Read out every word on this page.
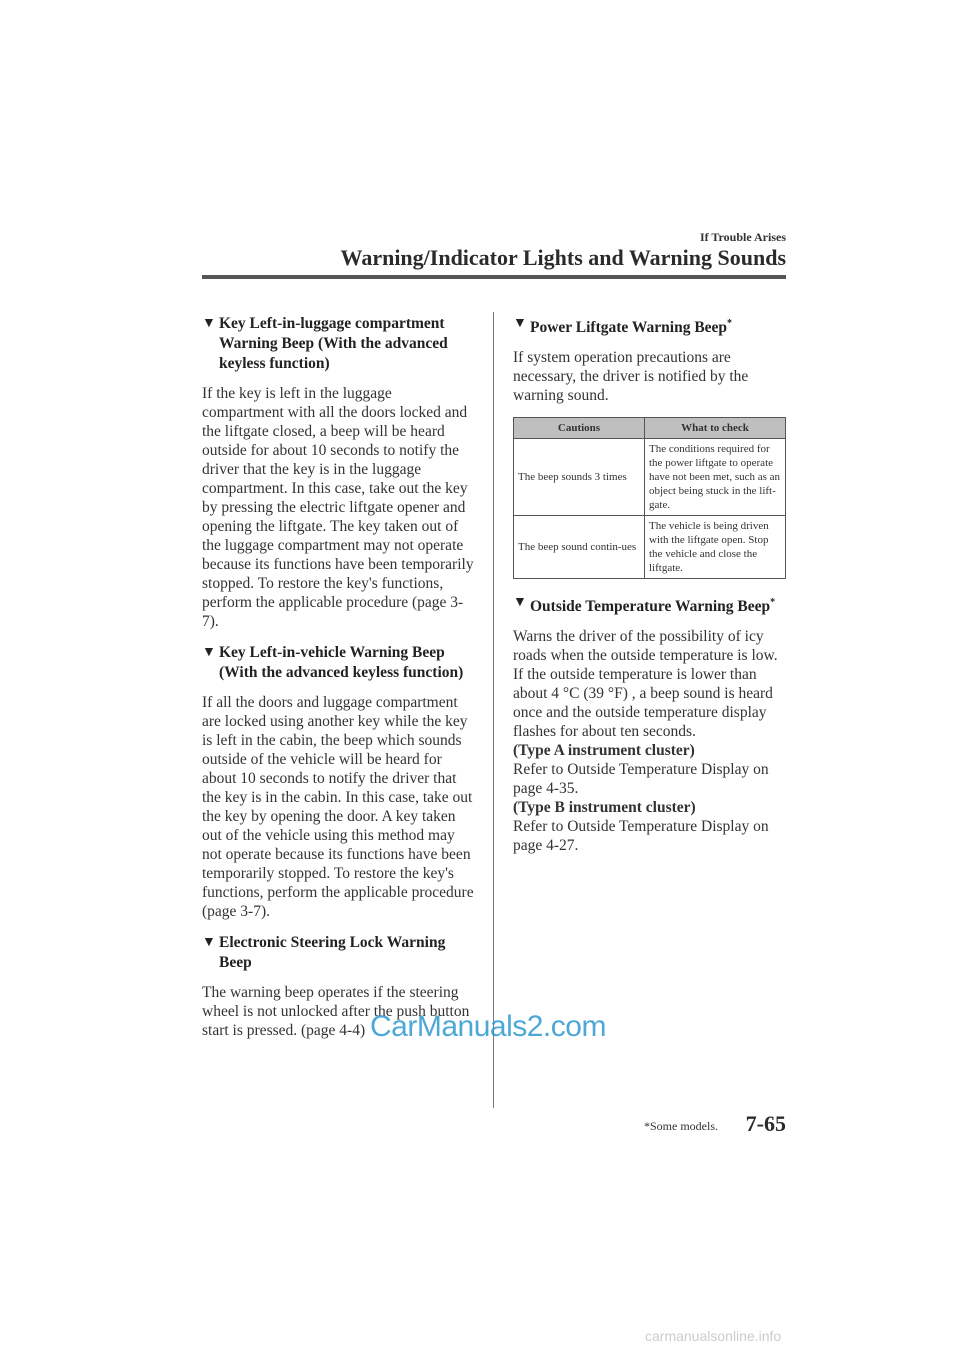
If Trouble Arises
Warning/Indicator Lights and Warning Sounds
▼ Key Left-in-luggage compartment Warning Beep (With the advanced keyless function)

If the key is left in the luggage compartment with all the doors locked and the liftgate closed, a beep will be heard outside for about 10 seconds to notify the driver that the key is in the luggage compartment. In this case, take out the key by pressing the electric liftgate opener and opening the liftgate. The key taken out of the luggage compartment may not operate because its functions have been temporarily stopped. To restore the key's functions, perform the applicable procedure (page 3-7).

▼ Key Left-in-vehicle Warning Beep (With the advanced keyless function)

If all the doors and luggage compartment are locked using another key while the key is left in the cabin, the beep which sounds outside of the vehicle will be heard for about 10 seconds to notify the driver that the key is in the cabin. In this case, take out the key by opening the door. A key taken out of the vehicle using this method may not operate because its functions have been temporarily stopped. To restore the key's functions, perform the applicable procedure (page 3-7).

▼ Electronic Steering Lock Warning Beep

The warning beep operates if the steering wheel is not unlocked after the push button start is pressed. (page 4-4)

▼ Power Liftgate Warning Beep*

If system operation precautions are necessary, the driver is notified by the warning sound.

Cautions	What to check
The beep sounds 3 times	The conditions required for the power liftgate to operate have not been met, such as an object being stuck in the lift-gate.
The beep sound contin-ues	The vehicle is being driven with the liftgate open. Stop the vehicle and close the liftgate.
▼ Outside Temperature Warning Beep*

Warns the driver of the possibility of icy roads when the outside temperature is low. If the outside temperature is lower than about 4 °C (39 °F) , a beep sound is heard once and the outside temperature display flashes for about ten seconds.

(Type A instrument cluster)

Refer to Outside Temperature Display on page 4-35.

(Type B instrument cluster)

Refer to Outside Temperature Display on page 4-27.

*Some models. 7-65
CarManuals2.com
carmanualsonline.info
